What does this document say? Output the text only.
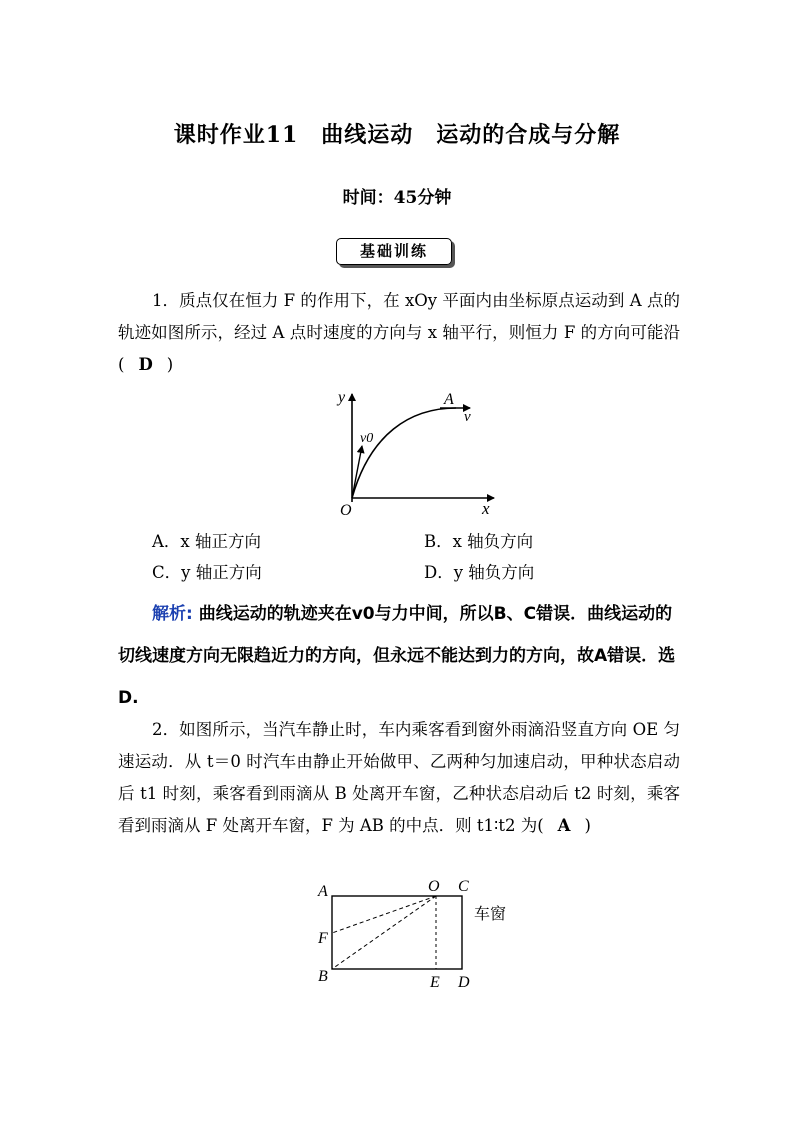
课时作业11　曲线运动　运动的合成与分解
时间：45分钟
基础训练
1．质点仅在恒力 F 的作用下，在 xOy 平面内由坐标原点运动到 A 点的轨迹如图所示，经过 A 点时速度的方向与 x 轴平行，则恒力 F 的方向可能沿( D )
y
x
O
A
v
v0
A．x 轴正方向	B．x 轴负方向
C．y 轴正方向	D．y 轴负方向
解析: 曲线运动的轨迹夹在v0与力中间，所以B、C错误．曲线运动的切线速度方向无限趋近力的方向，但永远不能达到力的方向，故A错误．选D.
2．如图所示，当汽车静止时，车内乘客看到窗外雨滴沿竖直方向 OE 匀速运动．从 t＝0 时汽车由静止开始做甲、乙两种匀加速启动，甲种状态启动后 t1 时刻，乘客看到雨滴从 B 处离开车窗，乙种状态启动后 t2 时刻，乘客看到雨滴从 F 处离开车窗，F 为 AB 的中点．则 t1∶t2 为( A )
A	O C
F
B	E D
车窗
